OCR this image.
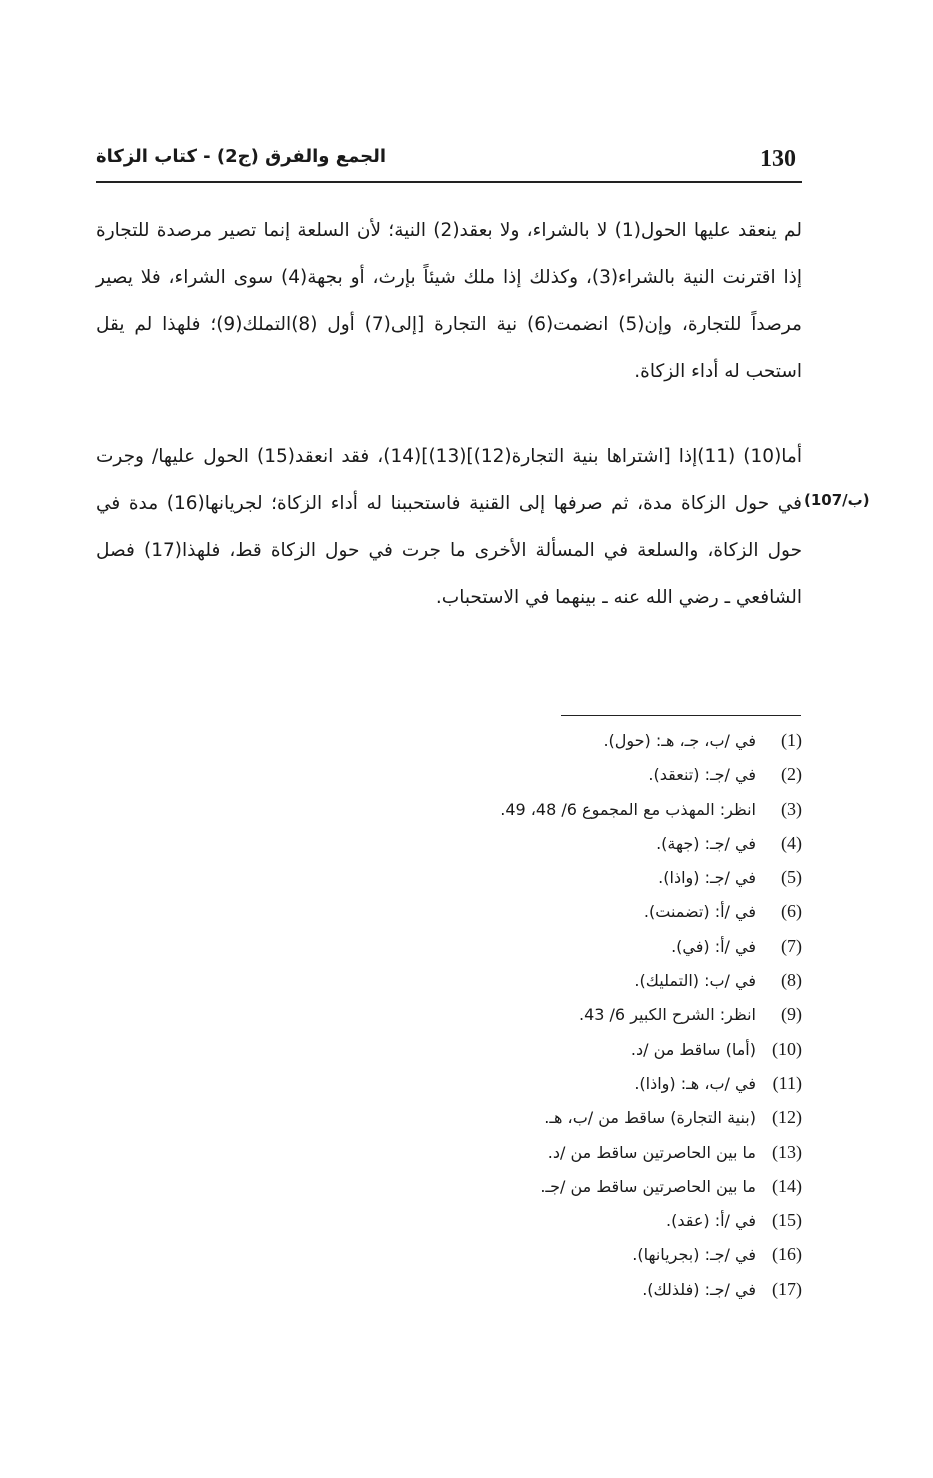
130
الجمع والفرق (ج2) - كتاب الزكاة
لم ينعقد عليها الحول(1) لا بالشراء، ولا بعقد(2) النية؛ لأن السلعة إنما تصير مرصدة للتجارة إذا اقترنت النية بالشراء(3)، وكذلك إذا ملك شيئاً بإرث، أو بجهة(4) سوى الشراء، فلا يصير مرصداً للتجارة، وإن(5) انضمت(6) نية التجارة [إلى(7) أول (8)التملك(9)؛ فلهذا لم يقل استحب له أداء الزكاة.
(107/ب)
أما(10) (11)إذا [اشتراها بنية التجارة(12)](13)](14)، فقد انعقد(15) الحول عليها/ وجرت في حول الزكاة مدة، ثم صرفها إلى القنية فاستحببنا له أداء الزكاة؛ لجريانها(16) مدة في حول الزكاة، والسلعة في المسألة الأخرى ما جرت في حول الزكاة قط، فلهذا(17) فصل الشافعي ـ رضي الله عنه ـ بينهما في الاستحباب.
(1)
في /ب، جـ، هـ: (حول).
(2)
في /جـ: (تنعقد).
(3)
انظر: المهذب مع المجموع 6/ 48، 49.
(4)
في /جـ: (جهة).
(5)
في /جـ: (واذا).
(6)
في /أ: (تضمنت).
(7)
في /أ: (في).
(8)
في /ب: (التمليك).
(9)
انظر: الشرح الكبير 6/ 43.
(10)
(أما) ساقط من /د.
(11)
في /ب، هـ: (واذا).
(12)
(بنية التجارة) ساقط من /ب، هـ.
(13)
ما بين الحاصرتين ساقط من /د.
(14)
ما بين الحاصرتين ساقط من /جـ.
(15)
في /أ: (عقد).
(16)
في /جـ: (بجريانها).
(17)
في /جـ: (فلذلك).
